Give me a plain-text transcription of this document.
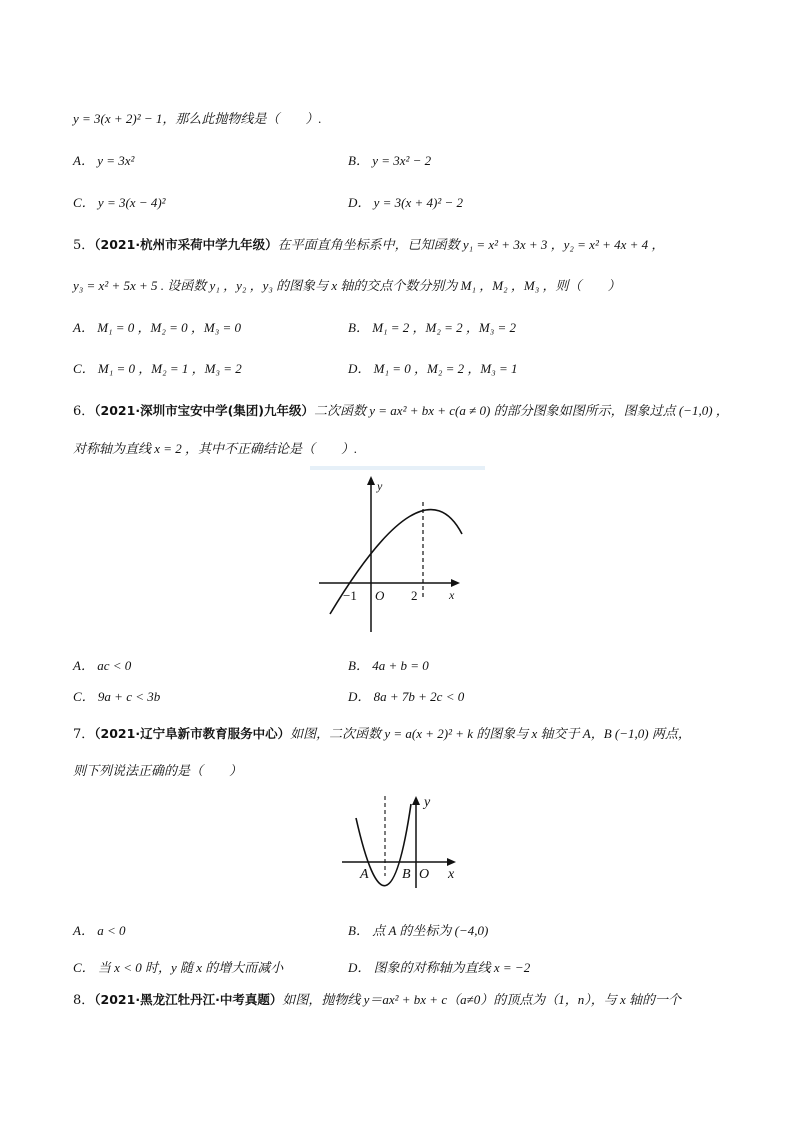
y = 3(x + 2)² − 1，那么此抛物线是（　　）.
A． y = 3x²	B． y = 3x² − 2
C． y = 3(x − 4)²	D． y = 3(x + 4)² − 2
5．（2021·杭州市采荷中学九年级）在平面直角坐标系中，已知函数 y₁ = x² + 3x + 3 ，y₂ = x² + 4x + 4 ，
y₃ = x² + 5x + 5 . 设函数 y₁ ，y₂ ，y₃ 的图象与 x 轴的交点个数分别为 M₁ ，M₂ ，M₃ ，则（　　）
A． M₁ = 0 ，M₂ = 0 ，M₃ = 0	B． M₁ = 2 ，M₂ = 2 ，M₃ = 2
C． M₁ = 0 ，M₂ = 1 ，M₃ = 2	D． M₁ = 0 ，M₂ = 2 ，M₃ = 1
6．（2021·深圳市宝安中学(集团)九年级）二次函数 y = ax² + bx + c(a ≠ 0) 的部分图象如图所示，图象过点 (−1,0) ，
对称轴为直线 x = 2 ，其中不正确结论是（　　）.
y
x
O
−1	2
A． ac < 0	B． 4a + b = 0
C． 9a + c < 3b	D． 8a + 7b + 2c < 0
7．（2021·辽宁阜新市教育服务中心）如图，二次函数 y = a(x + 2)² + k 的图象与 x 轴交于 A，B (−1,0) 两点，
则下列说法正确的是（　　）
y
x
A B O
A． a < 0	B． 点 A 的坐标为 (−4,0)
C． 当 x < 0 时，y 随 x 的增大而减小	D． 图象的对称轴为直线 x = −2
8．（2021·黑龙江牡丹江·中考真题）如图，抛物线 y＝ax² + bx + c（a≠0）的顶点为（1，n），与 x 轴的一个
